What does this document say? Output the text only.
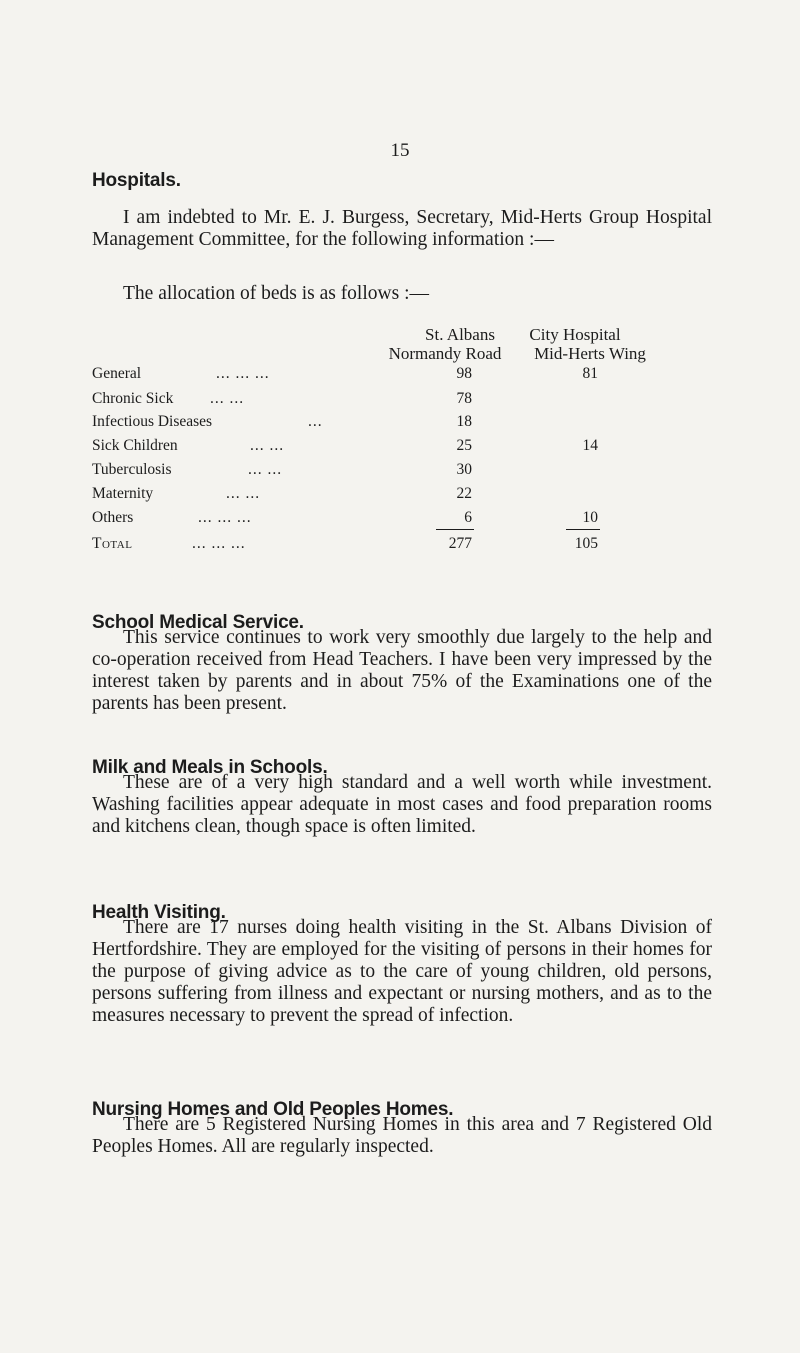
15
Hospitals.
I am indebted to Mr. E. J. Burgess, Secretary, Mid-Herts Group Hospital Management Committee, for the following information :—
The allocation of beds is as follows :—
St. Albans
Normandy Road
City Hospital
Mid-Herts Wing
General	... ... ...	98	81
Chronic Sick ... ...	78
Infectious Diseases	...	18
Sick Children	... ...	25	14
Tuberculosis	... ...	30
Maternity	... ...	22
Others	... ... ...	6	10
Total	... ... ...	277	105
School Medical Service.
This service continues to work very smoothly due largely to the help and co-operation received from Head Teachers. I have been very impressed by the interest taken by parents and in about 75% of the Examinations one of the parents has been present.
Milk and Meals in Schools.
These are of a very high standard and a well worth while investment. Washing facilities appear adequate in most cases and food preparation rooms and kitchens clean, though space is often limited.
Health Visiting.
There are 17 nurses doing health visiting in the St. Albans Division of Hertfordshire. They are employed for the visiting of persons in their homes for the purpose of giving advice as to the care of young children, old persons, persons suffering from illness and expectant or nursing mothers, and as to the measures necessary to prevent the spread of infection.
Nursing Homes and Old Peoples Homes.
There are 5 Registered Nursing Homes in this area and 7 Registered Old Peoples Homes. All are regularly inspected.
